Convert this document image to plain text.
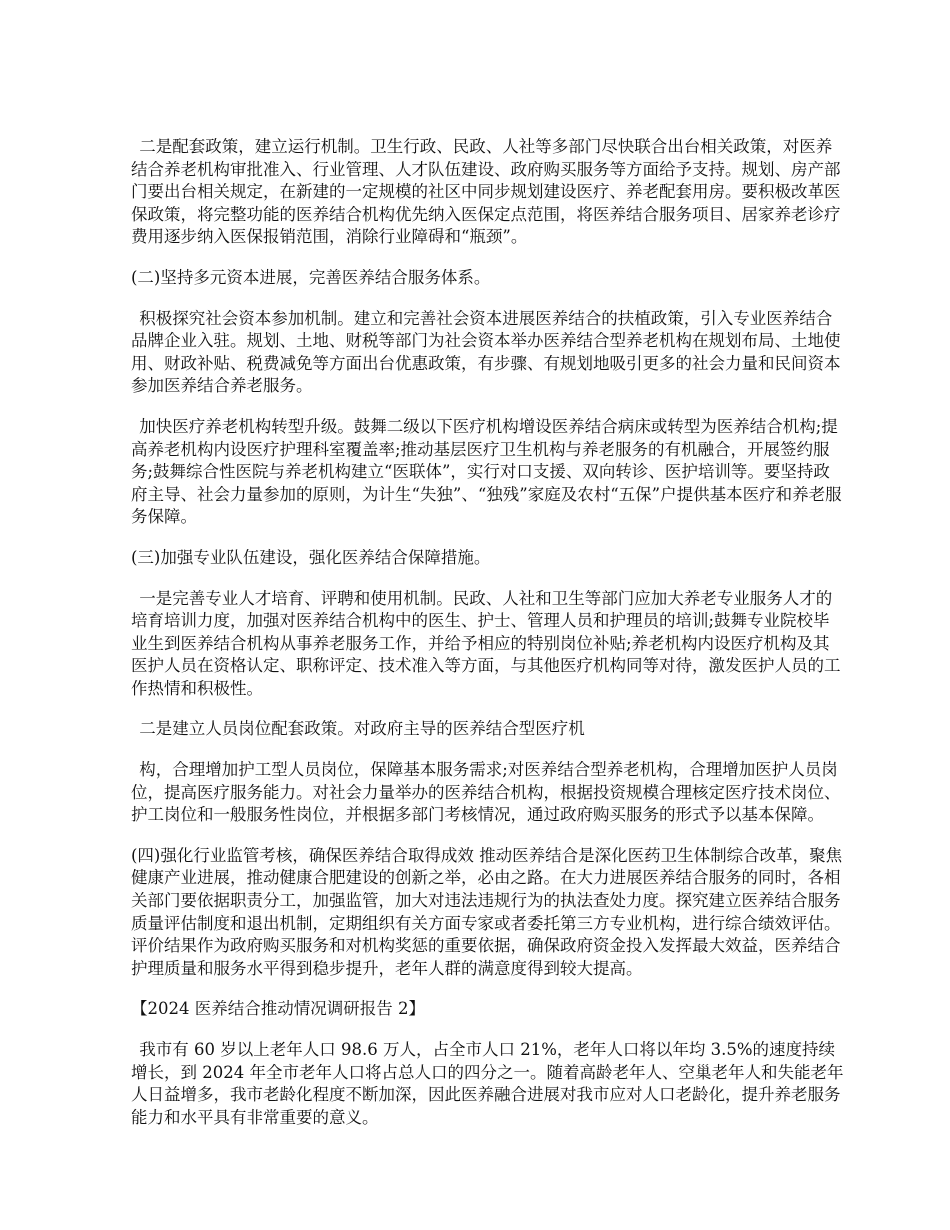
二是配套政策，建立运行机制。卫生行政、民政、人社等多部门尽快联合出台相关政策，对医养结合养老机构审批准入、行业管理、人才队伍建设、政府购买服务等方面给予支持。规划、房产部门要出台相关规定，在新建的一定规模的社区中同步规划建设医疗、养老配套用房。要积极改革医保政策，将完整功能的医养结合机构优先纳入医保定点范围，将医养结合服务项目、居家养老诊疗费用逐步纳入医保报销范围，消除行业障碍和“瓶颈”。

(二)坚持多元资本进展，完善医养结合服务体系。

积极探究社会资本参加机制。建立和完善社会资本进展医养结合的扶植政策，引入专业医养结合品牌企业入驻。规划、土地、财税等部门为社会资本举办医养结合型养老机构在规划布局、土地使用、财政补贴、税费减免等方面出台优惠政策，有步骤、有规划地吸引更多的社会力量和民间资本参加医养结合养老服务。

加快医疗养老机构转型升级。鼓舞二级以下医疗机构增设医养结合病床或转型为医养结合机构;提高养老机构内设医疗护理科室覆盖率;推动基层医疗卫生机构与养老服务的有机融合，开展签约服务;鼓舞综合性医院与养老机构建立“医联体”，实行对口支援、双向转诊、医护培训等。要坚持政府主导、社会力量参加的原则，为计生“失独”、“独残”家庭及农村“五保”户提供基本医疗和养老服务保障。

(三)加强专业队伍建设，强化医养结合保障措施。

一是完善专业人才培育、评聘和使用机制。民政、人社和卫生等部门应加大养老专业服务人才的培育培训力度，加强对医养结合机构中的医生、护士、管理人员和护理员的培训;鼓舞专业院校毕业生到医养结合机构从事养老服务工作，并给予相应的特别岗位补贴;养老机构内设医疗机构及其医护人员在资格认定、职称评定、技术准入等方面，与其他医疗机构同等对待，激发医护人员的工作热情和积极性。

二是建立人员岗位配套政策。对政府主导的医养结合型医疗机

构，合理增加护工型人员岗位，保障基本服务需求;对医养结合型养老机构，合理增加医护人员岗位，提高医疗服务能力。对社会力量举办的医养结合机构，根据投资规模合理核定医疗技术岗位、护工岗位和一般服务性岗位，并根据多部门考核情况，通过政府购买服务的形式予以基本保障。

(四)强化行业监管考核，确保医养结合取得成效 推动医养结合是深化医药卫生体制综合改革，聚焦健康产业进展，推动健康合肥建设的创新之举，必由之路。在大力进展医养结合服务的同时，各相关部门要依据职责分工，加强监管，加大对违法违规行为的执法查处力度。探究建立医养结合服务质量评估制度和退出机制，定期组织有关方面专家或者委托第三方专业机构，进行综合绩效评估。评价结果作为政府购买服务和对机构奖惩的重要依据，确保政府资金投入发挥最大效益，医养结合护理质量和服务水平得到稳步提升，老年人群的满意度得到较大提高。

【2024 医养结合推动情况调研报告 2】

我市有 60 岁以上老年人口 98.6 万人，占全市人口 21%，老年人口将以年均 3.5%的速度持续增长，到 2024 年全市老年人口将占总人口的四分之一。随着高龄老年人、空巢老年人和失能老年人日益增多，我市老龄化程度不断加深，因此医养融合进展对我市应对人口老龄化，提升养老服务能力和水平具有非常重要的意义。
